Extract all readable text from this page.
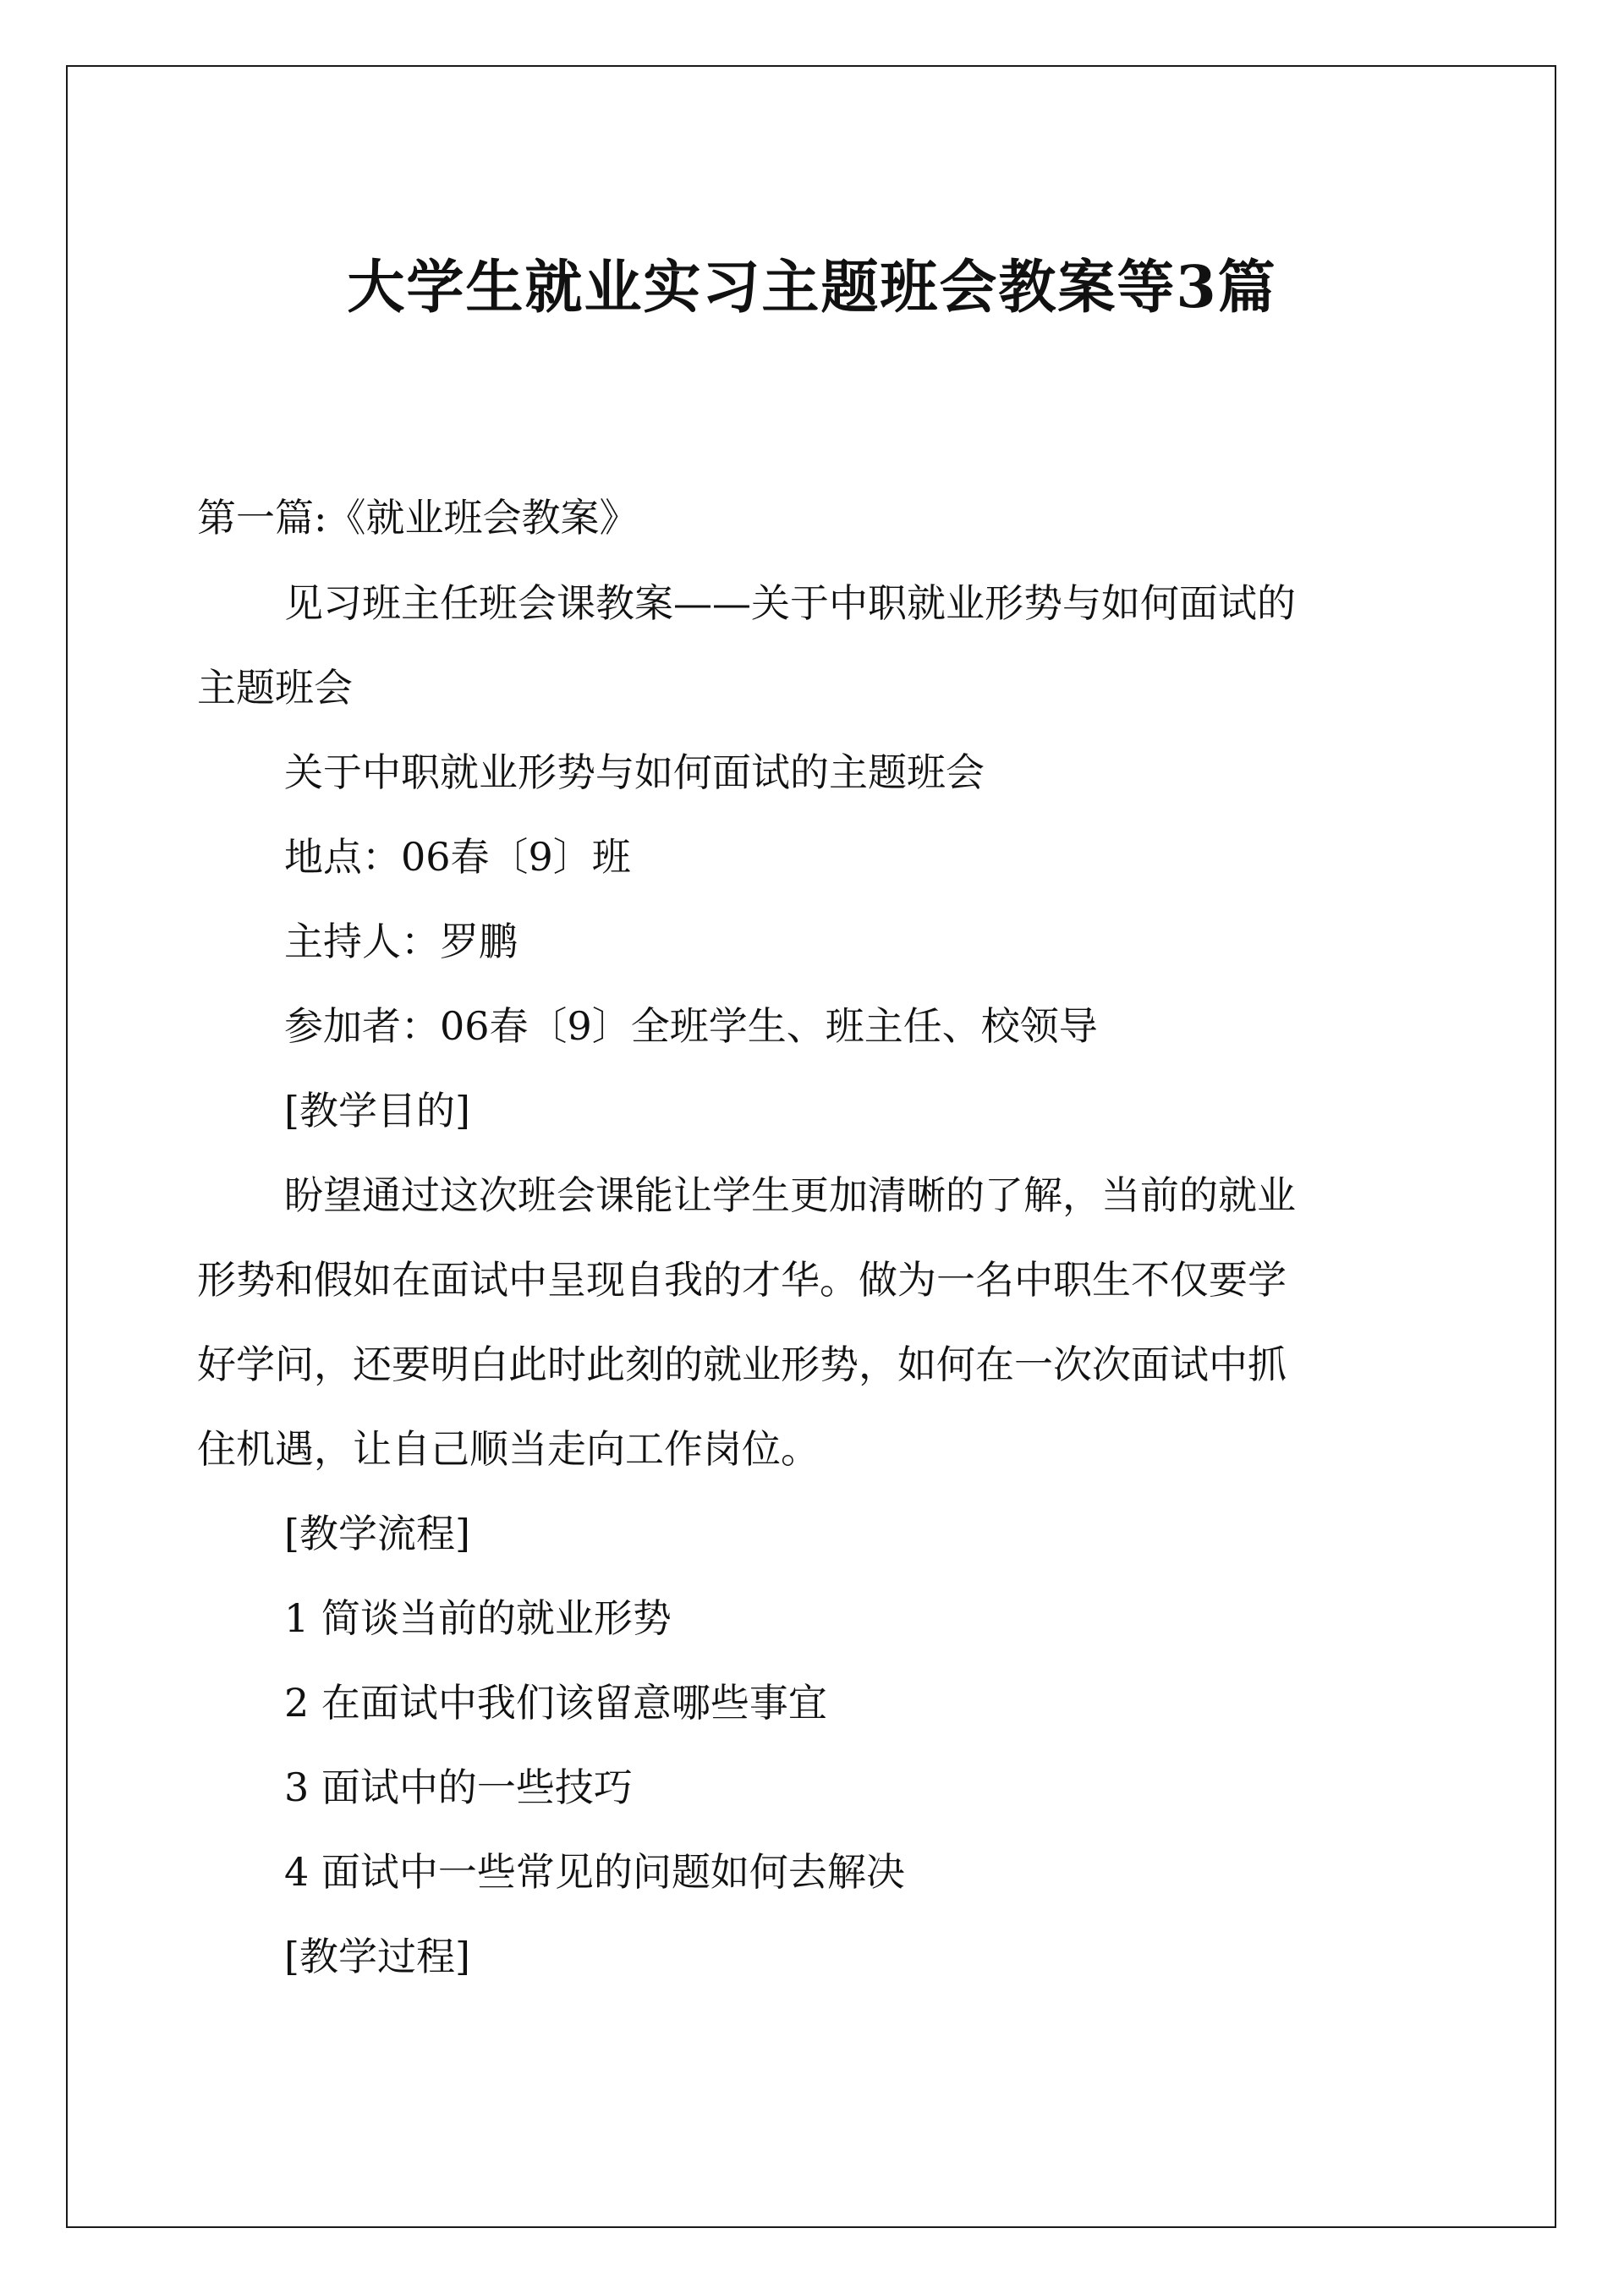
大学生就业实习主题班会教案等3篇
第一篇:《就业班会教案》
见习班主任班会课教案——关于中职就业形势与如何面试的
主题班会
关于中职就业形势与如何面试的主题班会
地点：06春〔9〕班
主持人：罗鹏
参加者：06春〔9〕全班学生、班主任、校领导
[教学目的]
盼望通过这次班会课能让学生更加清晰的了解，当前的就业
形势和假如在面试中呈现自我的才华。做为一名中职生不仅要学
好学问，还要明白此时此刻的就业形势，如何在一次次面试中抓
住机遇，让自己顺当走向工作岗位。
[教学流程]
1 简谈当前的就业形势
2 在面试中我们该留意哪些事宜
3 面试中的一些技巧
4 面试中一些常见的问题如何去解决
[教学过程]
